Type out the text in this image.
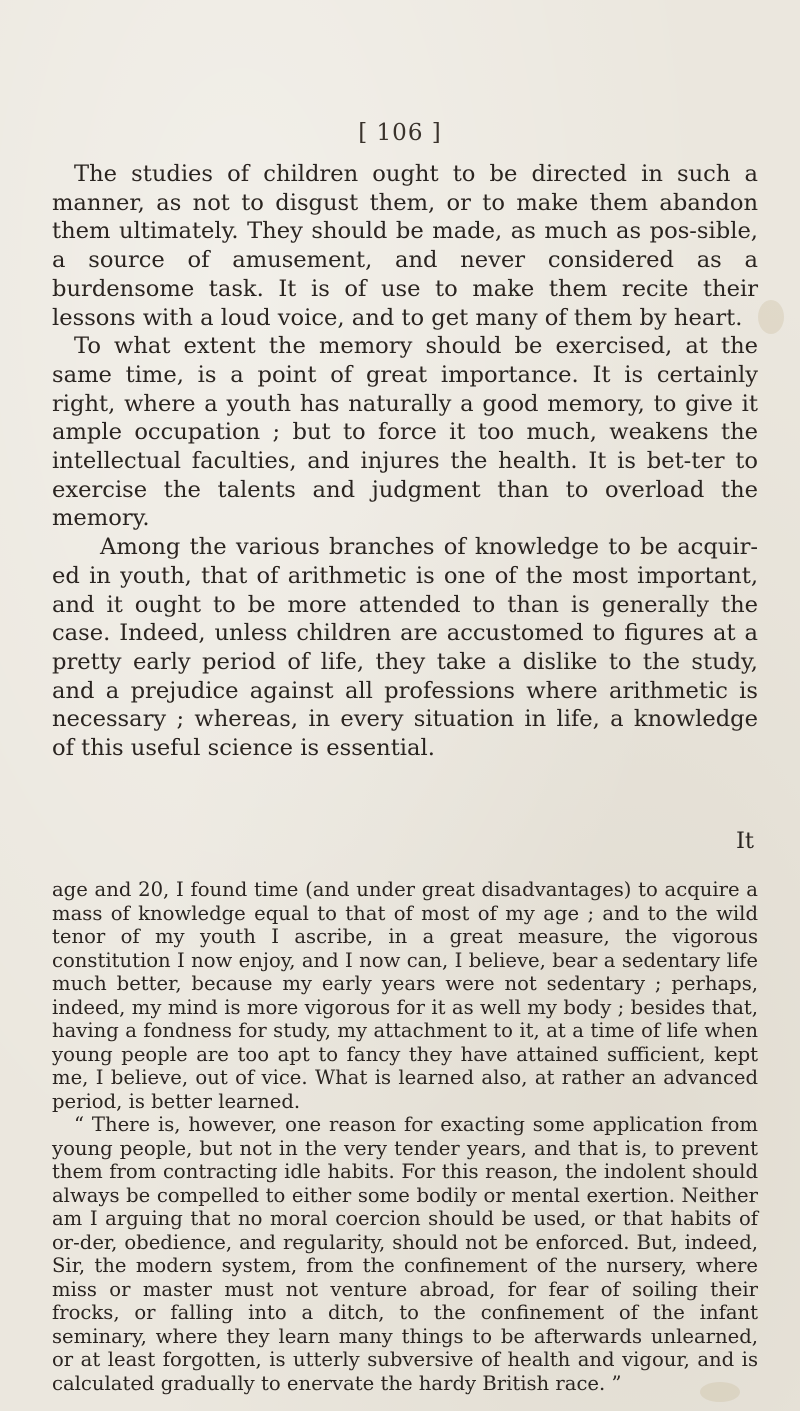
[ 106 ]

The studies of children ought to be directed in such a manner, as not to disgust them, or to make them abandon them ultimately. They should be made, as much as pos-sible, a source of amusement, and never considered as a burdensome task. It is of use to make them recite their lessons with a loud voice, and to get many of them by heart.

To what extent the memory should be exercised, at the same time, is a point of great importance. It is certainly right, where a youth has naturally a good memory, to give it ample occupation ; but to force it too much, weakens the intellectual faculties, and injures the health. It is bet-ter to exercise the talents and judgment than to overload the memory.

Among the various branches of knowledge to be acquir-ed in youth, that of arithmetic is one of the most important, and it ought to be more attended to than is generally the case. Indeed, unless children are accustomed to figures at a pretty early period of life, they take a dislike to the study, and a prejudice against all professions where arithmetic is necessary ; whereas, in every situation in life, a knowledge of this useful science is essential.

It

age and 20, I found time (and under great disadvantages) to acquire a mass of knowledge equal to that of most of my age ; and to the wild tenor of my youth I ascribe, in a great measure, the vigorous constitution I now enjoy, and I now can, I believe, bear a sedentary life much better, because my early years were not sedentary ; perhaps, indeed, my mind is more vigorous for it as well my body ; besides that, having a fondness for study, my attachment to it, at a time of life when young people are too apt to fancy they have attained sufficient, kept me, I believe, out of vice. What is learned also, at rather an advanced period, is better learned.

“ There is, however, one reason for exacting some application from young people, but not in the very tender years, and that is, to prevent them from contracting idle habits. For this reason, the indolent should always be compelled to either some bodily or mental exertion. Neither am I arguing that no moral coercion should be used, or that habits of or-der, obedience, and regularity, should not be enforced. But, indeed, Sir, the modern system, from the confinement of the nursery, where miss or master must not venture abroad, for fear of soiling their frocks, or falling into a ditch, to the confinement of the infant seminary, where they learn many things to be afterwards unlearned, or at least forgotten, is utterly subversive of health and vigour, and is calculated gradually to enervate the hardy British race. ”
